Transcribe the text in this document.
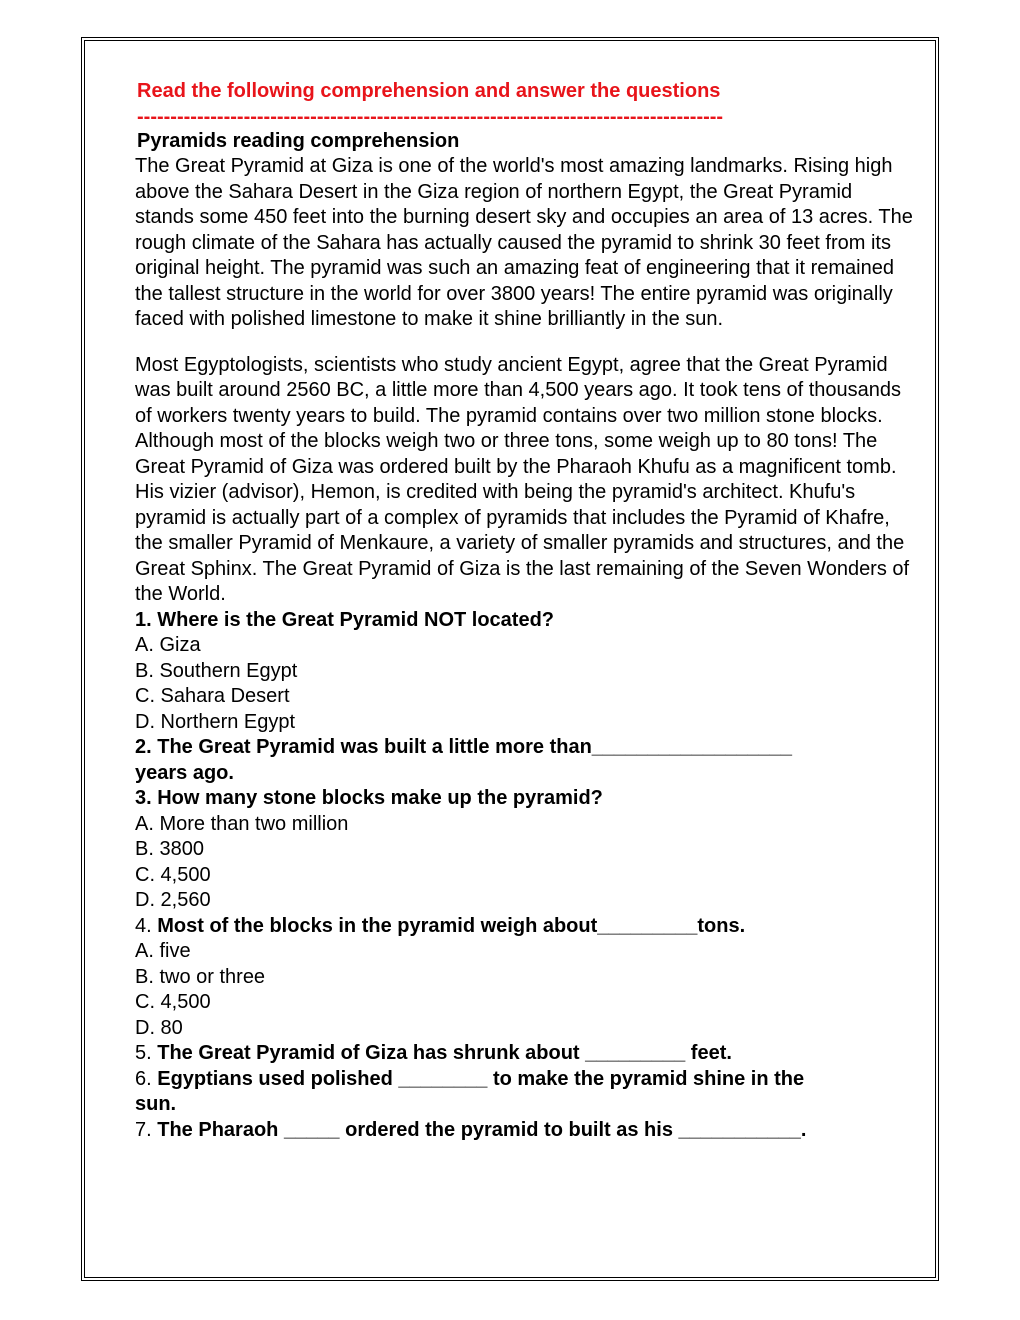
Read the following comprehension and answer the questions
----------------------------------------------------------------------------------------
Pyramids reading comprehension

The Great Pyramid at Giza is one of the world's most amazing landmarks. Rising high above the Sahara Desert in the Giza region of northern Egypt, the Great Pyramid stands some 450 feet into the burning desert sky and occupies an area of 13 acres. The rough climate of the Sahara has actually caused the pyramid to shrink 30 feet from its original height. The pyramid was such an amazing feat of engineering that it remained the tallest structure in the world for over 3800 years! The entire pyramid was originally faced with polished limestone to make it shine brilliantly in the sun.

Most Egyptologists, scientists who study ancient Egypt, agree that the Great Pyramid was built around 2560 BC, a little more than 4,500 years ago. It took tens of thousands of workers twenty years to build. The pyramid contains over two million stone blocks. Although most of the blocks weigh two or three tons, some weigh up to 80 tons! The Great Pyramid of Giza was ordered built by the Pharaoh Khufu as a magnificent tomb. His vizier (advisor), Hemon, is credited with being the pyramid's architect. Khufu's pyramid is actually part of a complex of pyramids that includes the Pyramid of Khafre, the smaller Pyramid of Menkaure, a variety of smaller pyramids and structures, and the Great Sphinx. The Great Pyramid of Giza is the last remaining of the Seven Wonders of the World.

1. Where is the Great Pyramid NOT located?
A. Giza
B. Southern Egypt
C. Sahara Desert
D. Northern Egypt
2. The Great Pyramid was built a little more than__________________
years ago.
3. How many stone blocks make up the pyramid?
A. More than two million
B. 3800
C. 4,500
D. 2,560
4. Most of the blocks in the pyramid weigh about_________tons.
A. five
B. two or three
C. 4,500
D. 80
5. The Great Pyramid of Giza has shrunk about _________ feet.
6. Egyptians used polished ________ to make the pyramid shine in the
sun.
7. The Pharaoh _____ ordered the pyramid to built as his ___________.
